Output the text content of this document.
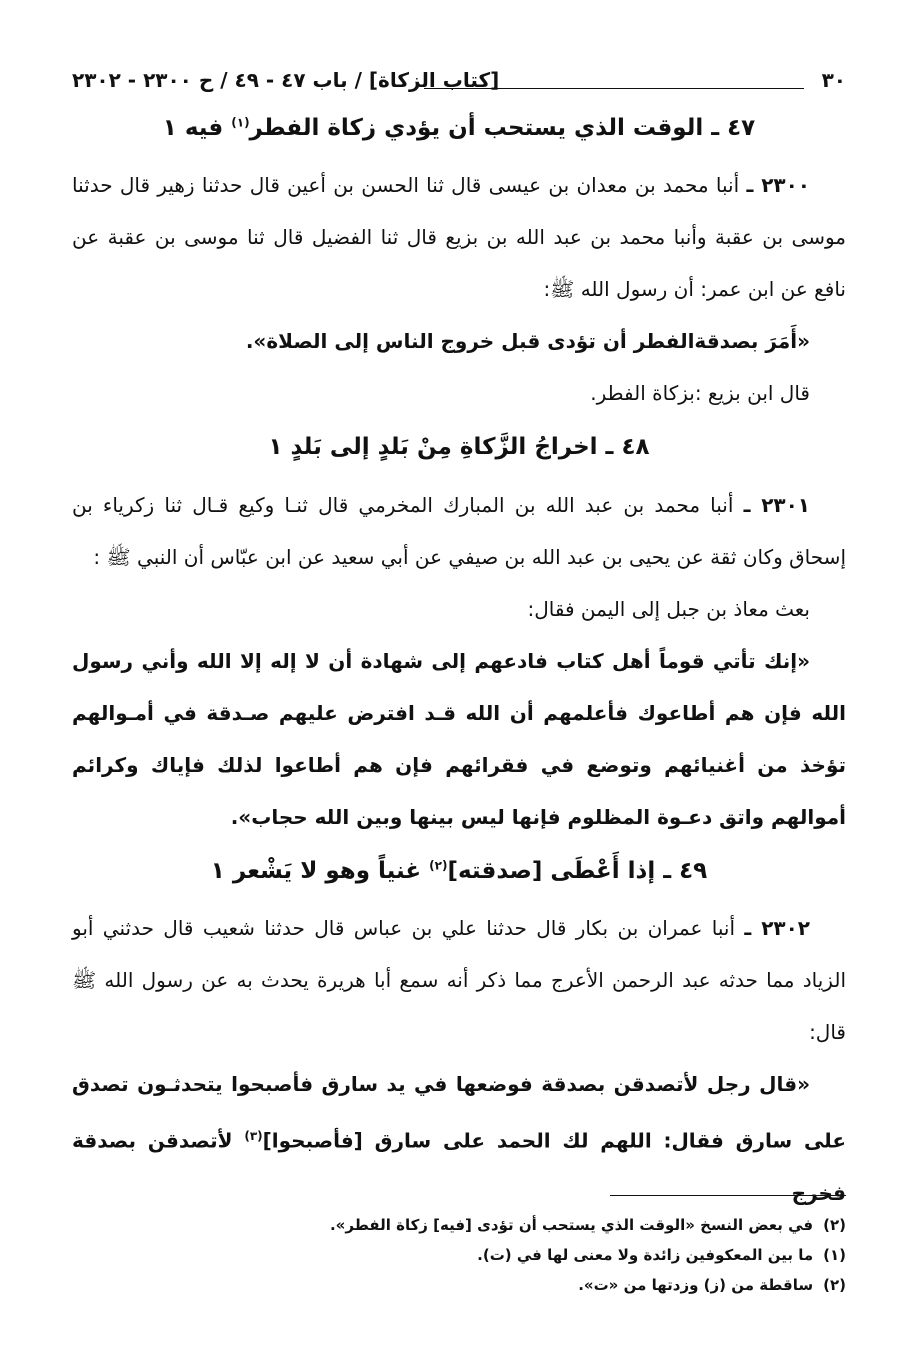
٣٠
[كتاب الزكاة] / باب ٤٧ - ٤٩ / ح ٢٣٠٠ - ٢٣٠٢
٤٧ ـ الوقت الذي يستحب أن يؤدي زكاة الفطر$^{(١)}$ فيه ١

٢٣٠٠ ـ أنبا محمد بن معدان بن عيسى قال ثنا الحسن بن أعين قال حدثنا زهير قال حدثنا موسى بن عقبة وأنبا محمد بن عبد الله بن بزيع قال ثنا الفضيل قال ثنا موسى بن عقبة عن نافع عن ابن عمر: أن رسول الله ﷺ:

«أَمَرَ بصدقةالفطر أن تؤدى قبل خروج الناس إلى الصلاة».

قال ابن بزيع :بزكاة الفطر.

٤٨ ـ اخراجُ الزَّكاةِ مِنْ بَلدٍ إلى بَلدٍ ١

٢٣٠١ ـ أنبا محمد بن عبد الله بن المبارك المخرمي قال ثنـا وكيع قـال ثنا زكرياء بن إسحاق وكان ثقة عن يحيى بن عبد الله بن صيفي عن أبي سعيد عن ابن عبّاس أن النبي ﷺ :

بعث معاذ بن جبل إلى اليمن فقال:

«إنك تأتي قوماً أهل كتاب فادعهم إلى شهادة أن لا إله إلا الله وأني رسول الله فإن هم أطاعوك فأعلمهم أن الله قـد افترض عليهم صـدقة في أمـوالهم تؤخذ من أغنيائهم وتوضع في فقرائهم فإن هم أطاعوا لذلك فإياك وكرائم أموالهم واتق دعـوة المظلوم فإنها ليس بينها وبين الله حجاب».

٤٩ ـ إذا أَعْطَى [صدقته]$^{(٢)}$ غنياً وهو لا يَشْعر ١

٢٣٠٢ ـ أنبا عمران بن بكار قال حدثنا علي بن عباس قال حدثنا شعيب قال حدثني أبو الزياد مما حدثه عبد الرحمن الأعرج مما ذكر أنه سمع أبا هريرة يحدث به عن رسول الله ﷺ قال:

«قال رجل لأتصدقن بصدقة فوضعها في يد سارق فأصبحوا يتحدثـون تصدق على سارق فقال: اللهم لك الحمد على سارق [فأصبحوا]$^{(٣)}$ لأتصدقن بصدقة فخرج

(٢)في بعض النسخ «الوقت الذي يستحب أن تؤدى [فيه] زكاة الفطر».

(١)ما بين المعكوفين زائدة ولا معنى لها في (ت).

(٢)ساقطة من (ز) وزدتها من «ت».
